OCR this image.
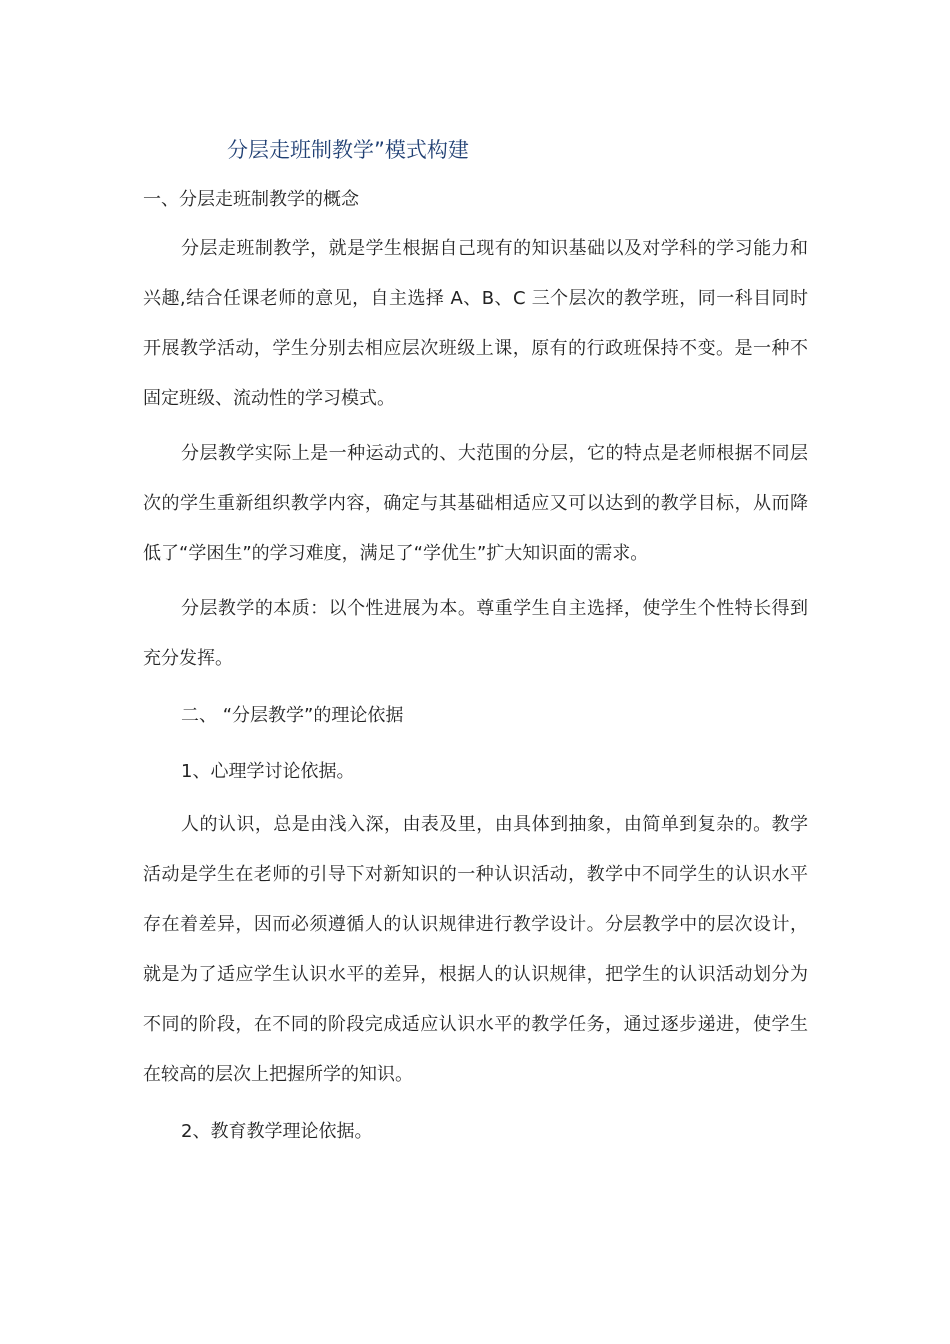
分层走班制教学”模式构建
一、分层走班制教学的概念

分层走班制教学，就是学生根据自己现有的知识基础以及对学科的学习能力和兴趣,结合任课老师的意见，自主选择 A、B、C 三个层次的教学班，同一科目同时开展教学活动，学生分别去相应层次班级上课，原有的行政班保持不变。是一种不固定班级、流动性的学习模式。

分层教学实际上是一种运动式的、大范围的分层，它的特点是老师根据不同层次的学生重新组织教学内容，确定与其基础相适应又可以达到的教学目标，从而降低了“学困生”的学习难度，满足了“学优生”扩大知识面的需求。

分层教学的本质：以个性进展为本。尊重学生自主选择，使学生个性特长得到充分发挥。

二、 “分层教学”的理论依据
1、心理学讨论依据。

人的认识，总是由浅入深，由表及里，由具体到抽象，由简单到复杂的。教学活动是学生在老师的引导下对新知识的一种认识活动，教学中不同学生的认识水平存在着差异，因而必须遵循人的认识规律进行教学设计。分层教学中的层次设计，就是为了适应学生认识水平的差异，根据人的认识规律，把学生的认识活动划分为不同的阶段，在不同的阶段完成适应认识水平的教学任务，通过逐步递进，使学生在较高的层次上把握所学的知识。

2、教育教学理论依据。
